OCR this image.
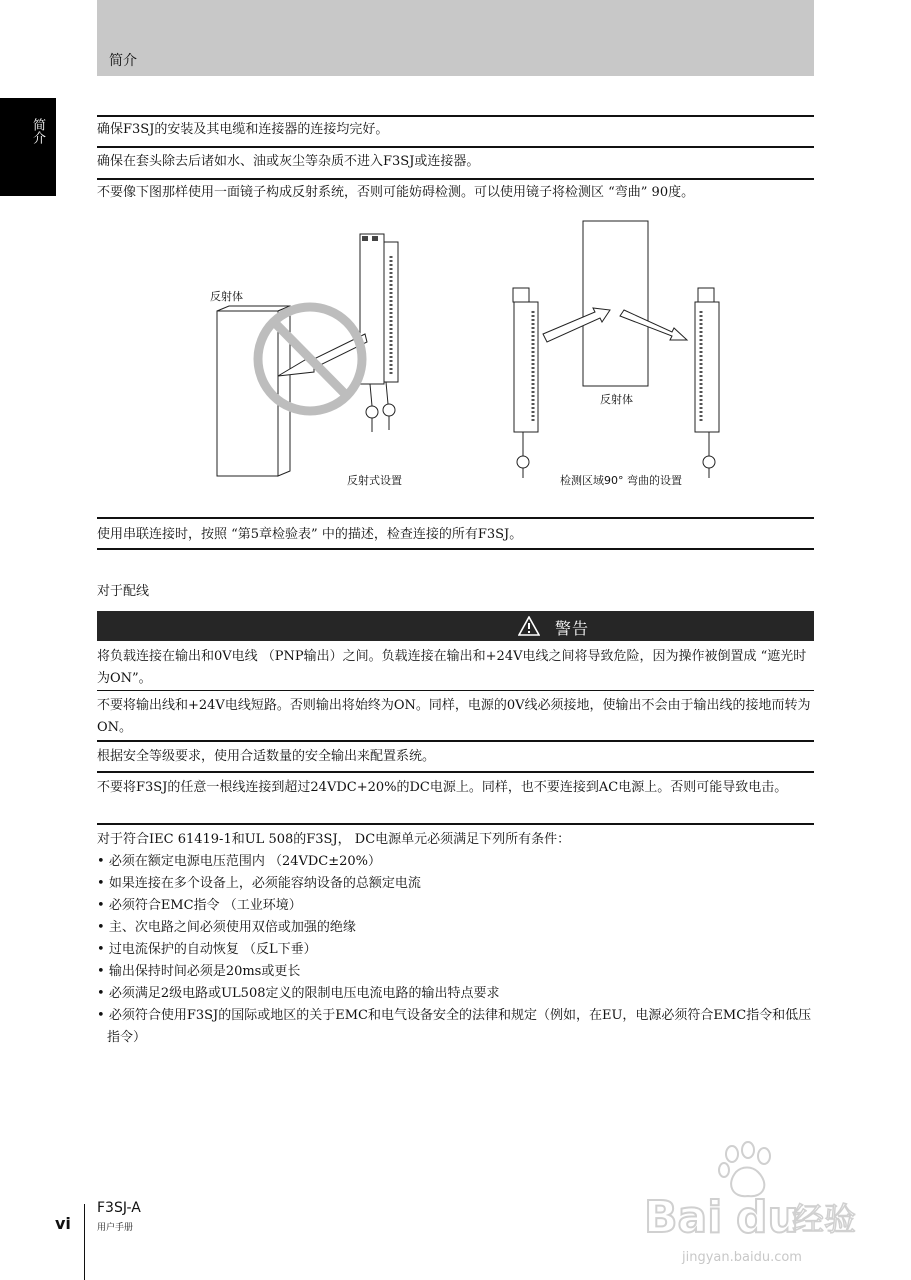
简介
简介	确保F3SJ的安装及其电缆和连接器的连接均完好。
确保在套头除去后诸如水、油或灰尘等杂质不进入F3SJ或连接器。
不要像下图那样使用一面镜子构成反射系统，否则可能妨碍检测。可以使用镜子将检测区 “弯曲” 90度。
反射体
反射式设置
反射体
检测区域90° 弯曲的设置
使用串联连接时，按照 “第5章检验表” 中的描述，检查连接的所有F3SJ。
对于配线
警告
将负载连接在输出和0V电线 （PNP输出）之间。负载连接在输出和+24V电线之间将导致危险，因为操作被倒置成 “遮光时为ON”。
不要将输出线和+24V电线短路。否则输出将始终为ON。同样，电源的0V线必须接地，使输出不会由于输出线的接地而转为ON。
根据安全等级要求，使用合适数量的安全输出来配置系统。
不要将F3SJ的任意一根线连接到超过24VDC+20%的DC电源上。同样，也不要连接到AC电源上。否则可能导致电击。
对于符合IEC 61419-1和UL 508的F3SJ， DC电源单元必须满足下列所有条件：
• 必须在额定电源电压范围内 （24VDC±20%）
• 如果连接在多个设备上，必须能容纳设备的总额定电流
• 必须符合EMC指令 （工业环境）
• 主、次电路之间必须使用双倍或加强的绝缘
• 过电流保护的自动恢复 （反L下垂）
• 输出保持时间必须是20ms或更长
• 必须满足2级电路或UL508定义的限制电压电流电路的输出特点要求
• 必须符合使用F3SJ的国际或地区的关于EMC和电气设备安全的法律和规定（例如，在EU，电源必须符合EMC指令和低压指令）
vi
F3SJ-A
用户手册	Bai du
经验
jingyan.baidu.com
